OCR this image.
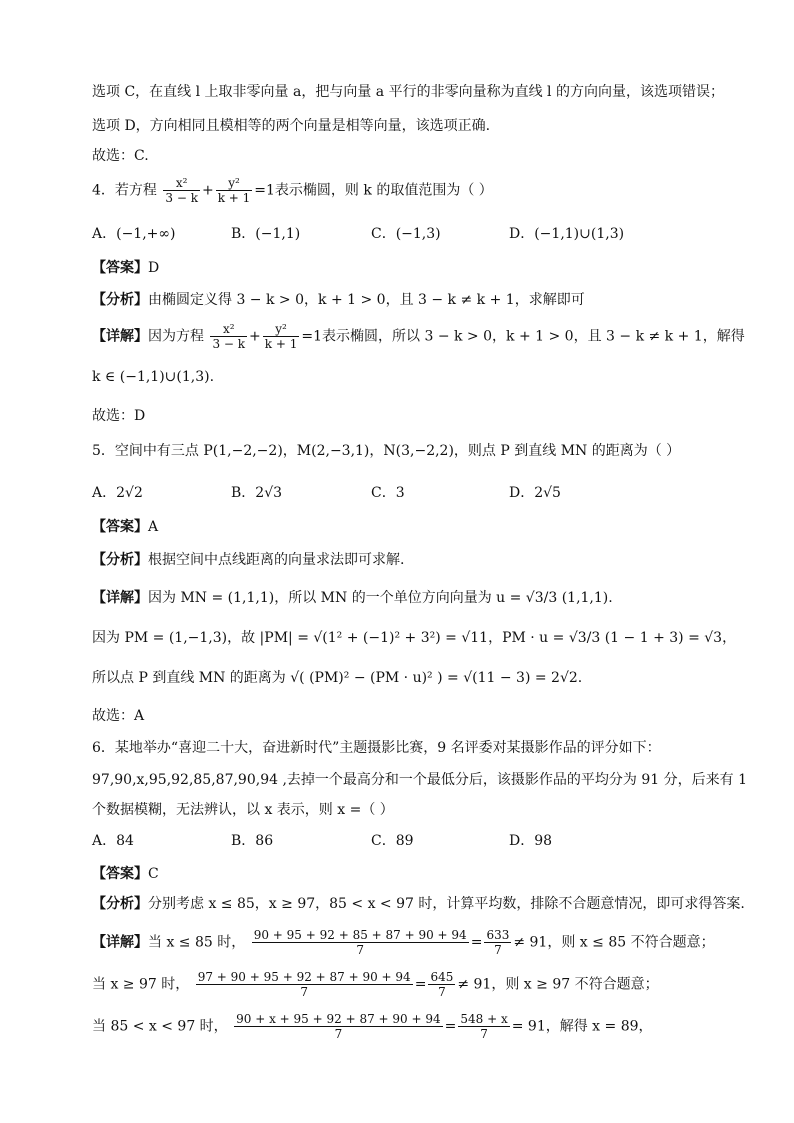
选项 C，在直线 l 上取非零向量 a，把与向量 a 平行的非零向量称为直线 l 的方向向量，该选项错误；
选项 D，方向相同且模相等的两个向量是相等向量，该选项正确.
故选：C.
4．若方程 $\frac{\text{x²}}{3 - k} + \frac{\text{y²}}{k + 1} =1$表示椭圆，则 k 的取值范围为（ ）
A．(−1,+∞)	B．(−1,1)	C．(−1,3)	D．(−1,1)∪(1,3)
【答案】D
【分析】由椭圆定义得 3 − k > 0，k + 1 > 0，且 3 − k ≠ k + 1，求解即可
【详解】因为方程 $\frac{\text{x²}}{3 - k} + \frac{\text{y²}}{k + 1} =1$表示椭圆，所以 3 − k > 0，k + 1 > 0，且 3 − k ≠ k + 1，解得
k ∈ (−1,1)∪(1,3).
故选：D
5．空间中有三点 P(1,−2,−2)，M(2,−3,1)，N(3,−2,2)，则点 P 到直线 MN 的距离为（ ）
A．2√2	B．2√3	C．3	D．2√5
【答案】A
【分析】根据空间中点线距离的向量求法即可求解.
【详解】因为 MN = (1,1,1)，所以 MN 的一个单位方向向量为 u = √3/3 (1,1,1).
因为 PM = (1,−1,3)，故 |PM| = √(1² + (−1)² + 3²) = √11，PM · u = √3/3 (1 − 1 + 3) = √3，
所以点 P 到直线 MN 的距离为 √( (PM)² − (PM · u)² ) = √(11 − 3) = 2√2.
故选：A
6．某地举办“喜迎二十大，奋进新时代”主题摄影比赛，9 名评委对某摄影作品的评分如下：
97,90,x,95,92,85,87,90,94 ,去掉一个最高分和一个最低分后，该摄影作品的平均分为 91 分，后来有 1
个数据模糊，无法辨认，以 x 表示，则 x =（ ）
A．84	B．86	C．89	D．98
【答案】C
【分析】分别考虑 x ≤ 85，x ≥ 97，85 < x < 97 时，计算平均数，排除不合题意情况，即可求得答案.
【详解】当 x ≤ 85 时， $\frac{90 + 95 + 92 + 85 + 87 + 90 + 94}{7} = \frac{633}{7} \ne 91$，则 x ≤ 85 不符合题意；
当 x ≥ 97 时， $\frac{97 + 90 + 95 + 92 + 87 + 90 + 94}{7} = \frac{645}{7} \ne 91$，则 x ≥ 97 不符合题意；
当 85 < x < 97 时， $\frac{90 + x + 95 + 92 + 87 + 90 + 94}{7} = \frac{548 + x}{7} = 91$，解得 x = 89，
